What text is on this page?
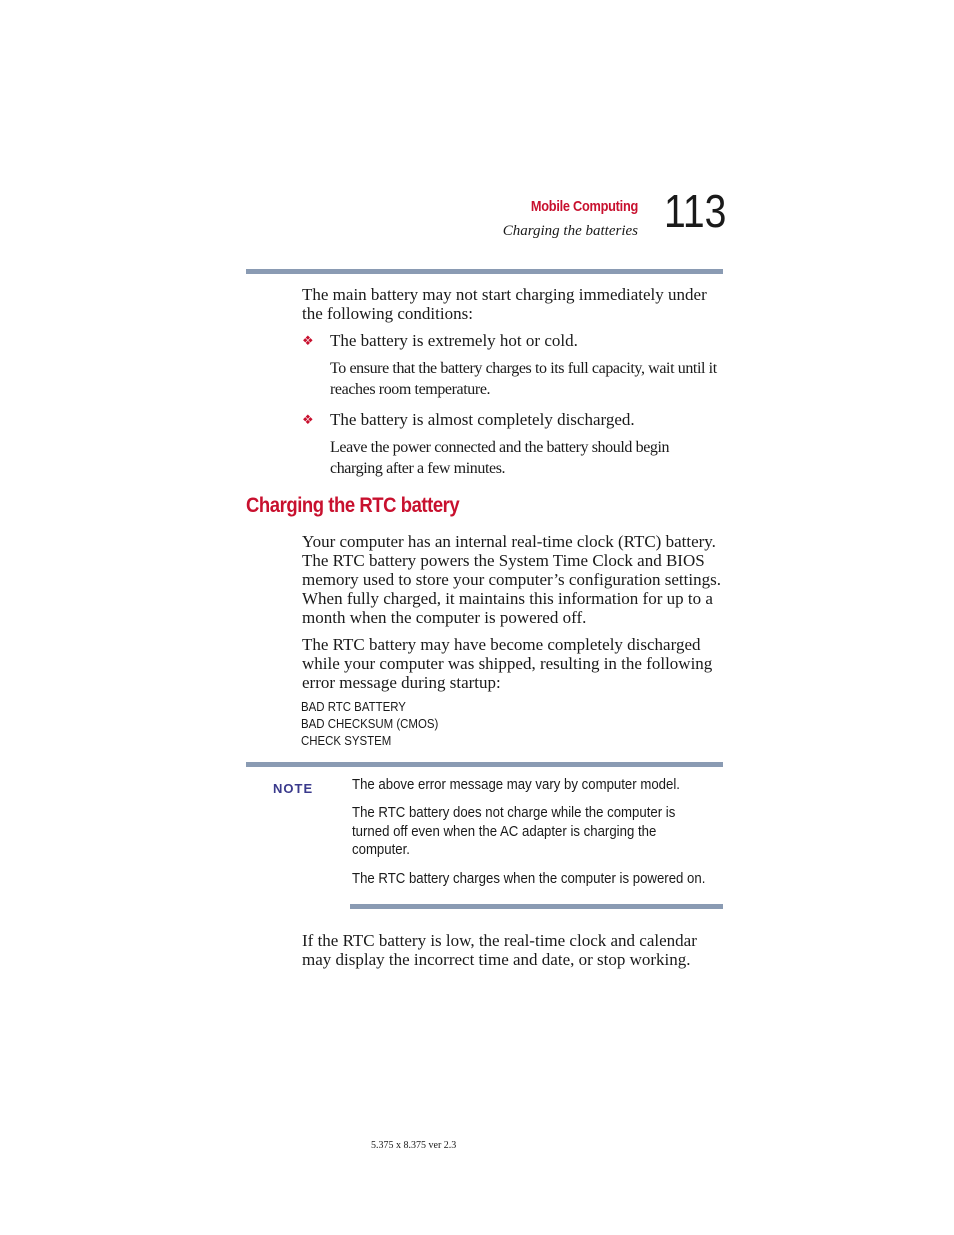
Mobile Computing
Charging the batteries 113
The main battery may not start charging immediately under the following conditions:
❖ The battery is extremely hot or cold.
To ensure that the battery charges to its full capacity, wait until it reaches room temperature.
❖ The battery is almost completely discharged.
Leave the power connected and the battery should begin charging after a few minutes.
Charging the RTC battery
Your computer has an internal real-time clock (RTC) battery. The RTC battery powers the System Time Clock and BIOS memory used to store your computer’s configuration settings. When fully charged, it maintains this information for up to a month when the computer is powered off.
The RTC battery may have become completely discharged while your computer was shipped, resulting in the following error message during startup:
BAD RTC BATTERY
BAD CHECKSUM (CMOS)
CHECK SYSTEM
NOTE	The above error message may vary by computer model.
The RTC battery does not charge while the computer is
turned off even when the AC adapter is charging the
computer.
The RTC battery charges when the computer is powered on.
If the RTC battery is low, the real-time clock and calendar may display the incorrect time and date, or stop working.
5.375 x 8.375 ver 2.3
